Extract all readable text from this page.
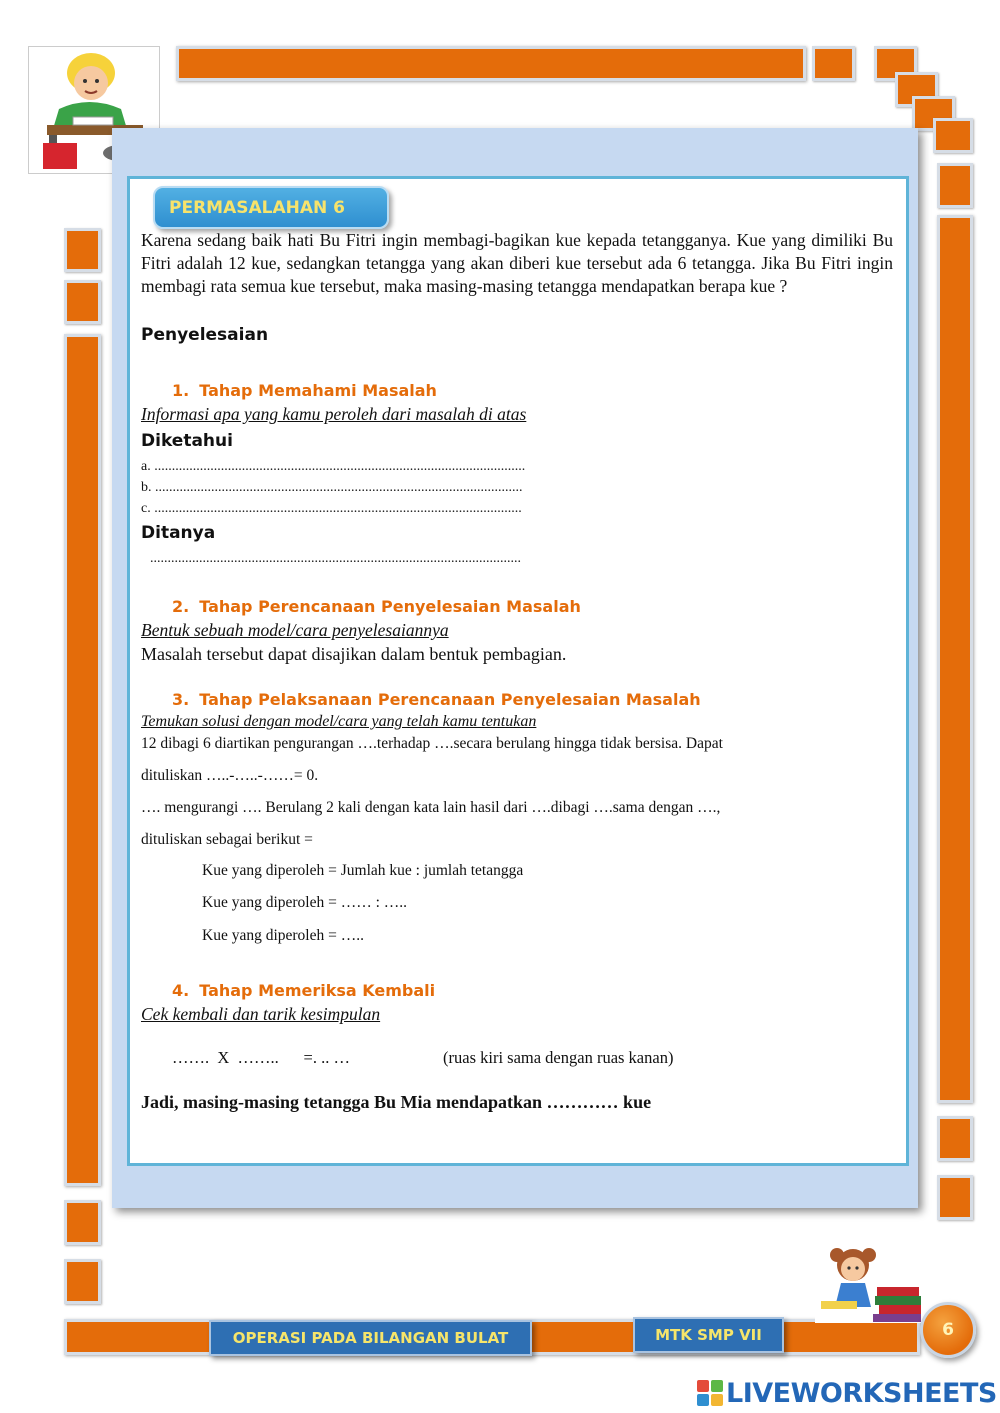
PERMASALAHAN 6
Karena sedang baik hati Bu Fitri ingin membagi-bagikan kue kepada tetangganya. Kue yang dimiliki Bu Fitri adalah 12 kue, sedangkan tetangga yang akan diberi kue tersebut ada 6 tetangga. Jika Bu Fitri ingin membagi rata semua kue tersebut, maka masing-masing tetangga mendapatkan berapa kue ?
Penyelesaian
1. Tahap Memahami Masalah
Informasi apa yang kamu peroleh dari masalah di atas
Diketahui
a. ..........................................................................................................
b. .........................................................................................................
c. .........................................................................................................
Ditanya
..........................................................................................................
2. Tahap Perencanaan Penyelesaian Masalah
Bentuk sebuah model/cara penyelesaiannya
Masalah tersebut dapat disajikan dalam bentuk pembagian.
3. Tahap Pelaksanaan Perencanaan Penyelesaian Masalah
Temukan solusi dengan model/cara yang telah kamu tentukan
12 dibagi 6 diartikan pengurangan ….terhadap ….secara berulang hingga tidak bersisa. Dapat
dituliskan …..-…..-……= 0.
…. mengurangi …. Berulang 2 kali dengan kata lain hasil dari ….dibagi ….sama dengan ….,
dituliskan sebagai berikut =
Kue yang diperoleh = Jumlah kue : jumlah tetangga
Kue yang diperoleh = …… : …..
Kue yang diperoleh = …..
4. Tahap Memeriksa Kembali
Cek kembali dan tarik kesimpulan
…….  X  ……..      =. .. …	(ruas kiri sama dengan ruas kanan)
Jadi, masing-masing tetangga Bu Mia mendapatkan ………… kue
OPERASI PADA BILANGAN BULAT	MTK SMP VII	6
LIVEWORKSHEETS
